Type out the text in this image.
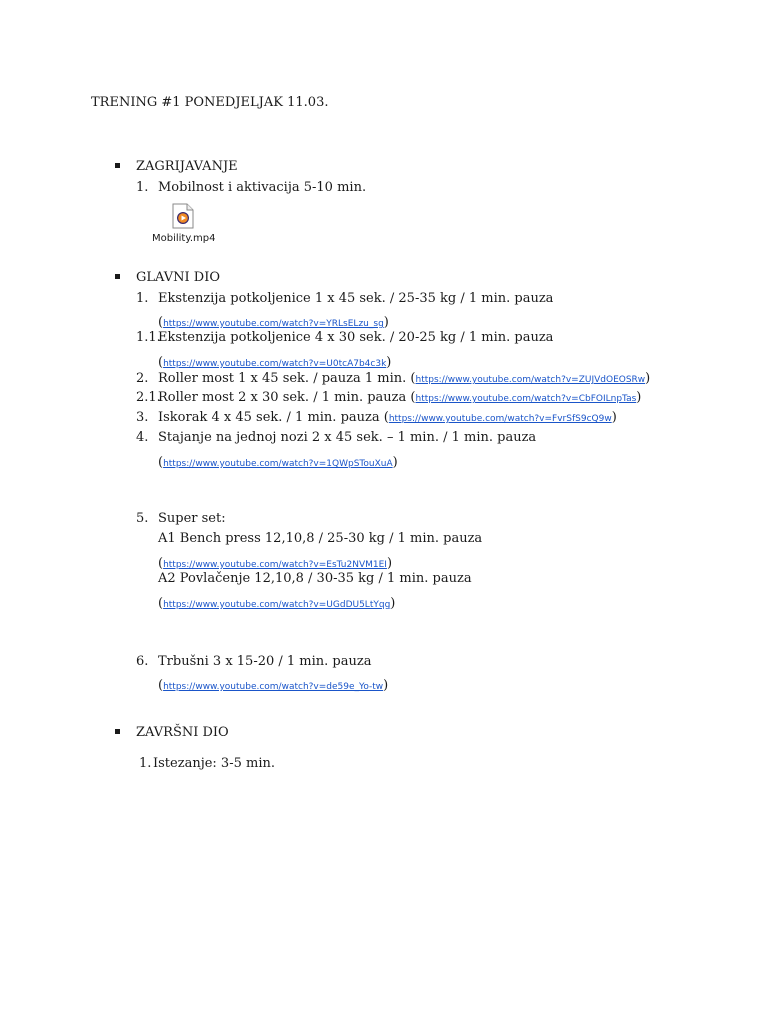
TRENING #1 PONEDJELJAK 11.03.
ZAGRIJAVANJE
1. Mobilnost i aktivacija 5-10 min.
Mobility.mp4
GLAVNI DIO
1. Ekstenzija potkoljenice 1 x 45 sek. / 25-35 kg / 1 min. pauza
(https://www.youtube.com/watch?v=YRLsELzu_sg)
1.1.
Ekstenzija potkoljenice 4 x 30 sek. / 20-25 kg / 1 min. pauza
(https://www.youtube.com/watch?v=U0tcA7b4c3k)
2. Roller most 1 x 45 sek. / pauza 1 min. (https://www.youtube.com/watch?v=ZUJVdOEOSRw)
2.1.
Roller most 2 x 30 sek. / 1 min. pauza (https://www.youtube.com/watch?v=CbFOILnpTas)
3. Iskorak 4 x 45 sek. / 1 min. pauza (https://www.youtube.com/watch?v=FvrSfS9cQ9w)
4. Stajanje na jednoj nozi 2 x 45 sek. – 1 min. / 1 min. pauza
(https://www.youtube.com/watch?v=1QWpSTouXuA)
5. Super set:
A1 Bench press 12,10,8 / 25-30 kg / 1 min. pauza
(https://www.youtube.com/watch?v=EsTu2NVM1EI)
A2 Povlačenje 12,10,8 / 30-35 kg / 1 min. pauza
(https://www.youtube.com/watch?v=UGdDU5LtYqg)
6. Trbušni 3 x 15-20 / 1 min. pauza
(https://www.youtube.com/watch?v=de59e_Yo-tw)
ZAVRŠNI DIO
1. Istezanje: 3-5 min.
